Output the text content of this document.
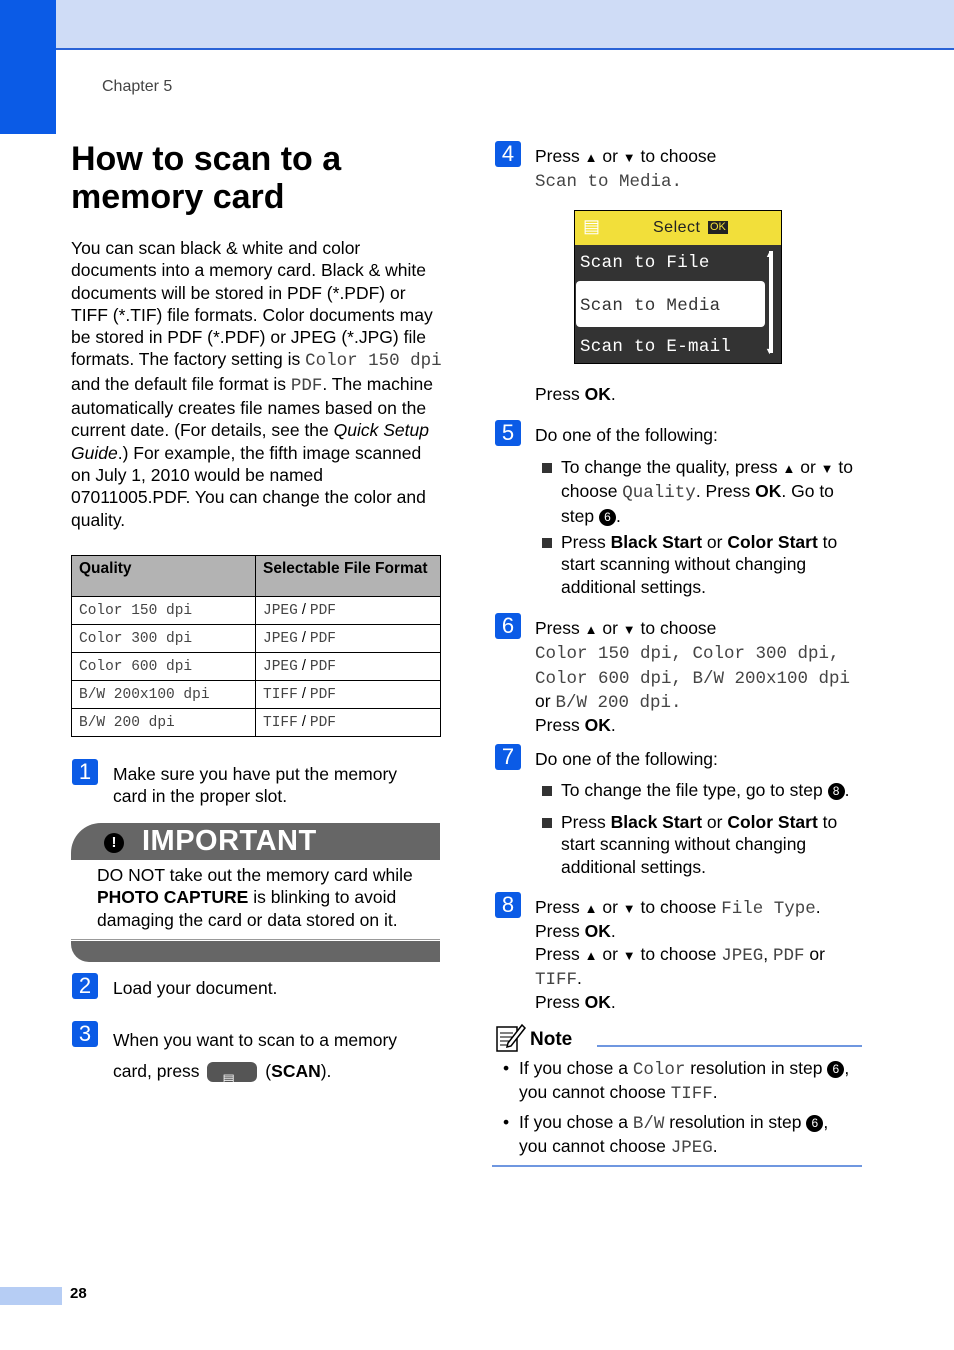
Chapter 5
How to scan to a memory card
You can scan black & white and color documents into a memory card. Black & white documents will be stored in PDF (*.PDF) or TIFF (*.TIF) file formats. Color documents may be stored in PDF (*.PDF) or JPEG (*.JPG) file formats. The factory setting is Color 150 dpi and the default file format is PDF. The machine automatically creates file names based on the current date. (For details, see the Quick Setup Guide.) For example, the fifth image scanned on July 1, 2010 would be named 07011005.PDF. You can change the color and quality.
Quality	Selectable File Format
Color 150 dpi	JPEG / PDF
Color 300 dpi	JPEG / PDF
Color 600 dpi	JPEG / PDF
B/W 200x100 dpi	TIFF / PDF
B/W 200 dpi	TIFF / PDF
1	Make sure you have put the memory card in the proper slot.
! IMPORTANT
DO NOT take out the memory card while PHOTO CAPTURE is blinking to avoid damaging the card or data stored on it.
2	Load your document.
3	When you want to scan to a memory card, press ▤ (SCAN).
4	Press ▲ or ▼ to choose
Scan to Media.
▤	Select OK
Scan to File
Scan to Media
Scan to E-mail
▲
▼
Press OK.
5	Do one of the following:
To change the quality, press ▲ or ▼ to
choose Quality. Press OK. Go to step 6 .
Press Black Start or Color Start to start scanning without changing additional settings.
6	Press ▲ or ▼ to choose
Color 150 dpi, Color 300 dpi,
Color 600 dpi, B/W 200x100 dpi
or B/W 200 dpi.
Press OK.
7	Do one of the following:
To change the file type, go to step 8 .
Press Black Start or Color Start to start scanning without changing additional settings.
8	Press ▲ or ▼ to choose File Type.
Press OK.
Press ▲ or ▼ to choose JPEG, PDF or
TIFF.
Press OK.
Note
• If you chose a Color resolution in step 6 ,
you cannot choose TIFF.
• If you chose a B/W resolution in step 6 ,
you cannot choose JPEG.
28
